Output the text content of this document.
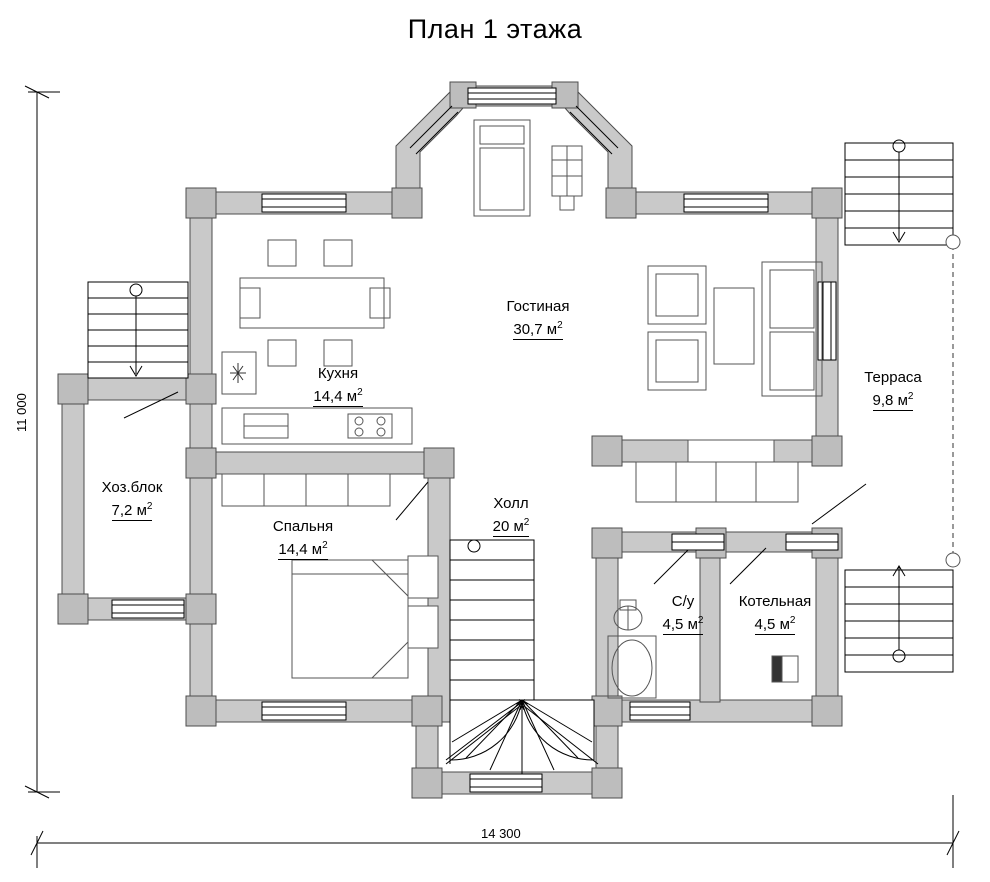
План 1 этажа
Гостиная
30,7 $м^2$
Кухня
14,4 $м^2$
Терраса
9,8 $м^2$
Хоз.блок
7,2 $м^2$	Холл
20 $м^2$
Спальня
14,4 $м^2$
С/у
4,5 $м^2$
Котельная
4,5 $м^2$
11 000
14 300
